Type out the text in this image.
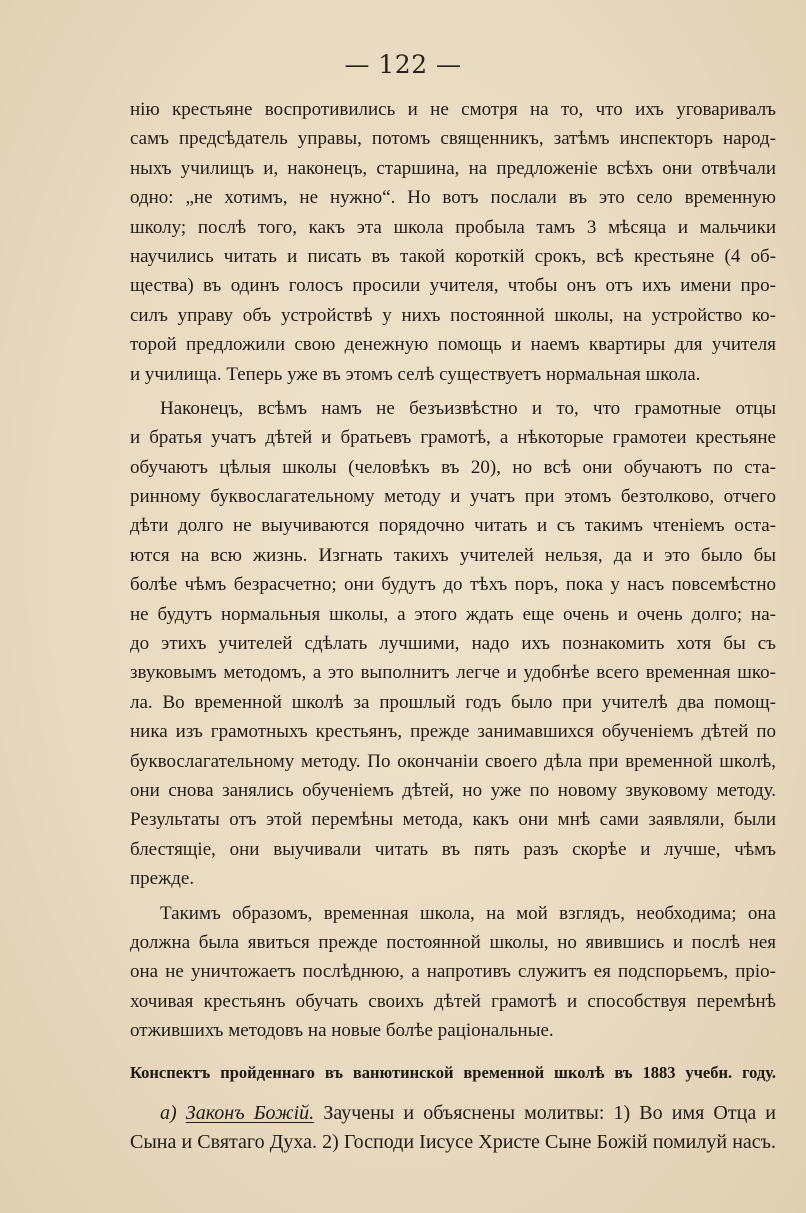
— 122 —
нію крестьяне воспротивились и не смотря на то, что ихъ уговаривалъ
самъ предсѣдатель управы, потомъ священникъ, затѣмъ инспекторъ народ-
ныхъ училищъ и, наконецъ, старшина, на предложеніе всѣхъ они отвѣчали
одно: „не хотимъ, не нужно“. Но вотъ послали въ это село временную
школу; послѣ того, какъ эта школа пробыла тамъ 3 мѣсяца и мальчики
научились читать и писать въ такой короткій срокъ, всѣ крестьяне (4 об-
щества) въ одинъ голосъ просили учителя, чтобы онъ отъ ихъ имени про-
силъ управу объ устройствѣ у нихъ постоянной школы, на устройство ко-
торой предложили свою денежную помощь и наемъ квартиры для учителя
и училища. Теперь уже въ этомъ селѣ существуетъ нормальная школа.
Наконецъ, всѣмъ намъ не безъизвѣстно и то, что грамотные отцы
и братья учатъ дѣтей и братьевъ грамотѣ, а нѣкоторые грамотеи крестьяне
обучаютъ цѣлыя школы (человѣкъ въ 20), но всѣ они обучаютъ по ста-
ринному буквослагательному методу и учатъ при этомъ безтолково, отчего
дѣти долго не выучиваются порядочно читать и съ такимъ чтеніемъ оста-
ются на всю жизнь. Изгнать такихъ учителей нельзя, да и это было бы
болѣе чѣмъ безрасчетно; они будутъ до тѣхъ поръ, пока у насъ повсемѣстно
не будутъ нормальныя школы, а этого ждать еще очень и очень долго; на-
до этихъ учителей сдѣлать лучшими, надо ихъ познакомить хотя бы съ
звуковымъ методомъ, а это выполнитъ легче и удобнѣе всего временная шко-
ла. Во временной школѣ за прошлый годъ было при учителѣ два помощ-
ника изъ грамотныхъ крестьянъ, прежде занимавшихся обученіемъ дѣтей по
буквослагательному методу. По окончаніи своего дѣла при временной школѣ,
они снова занялись обученіемъ дѣтей, но уже по новому звуковому методу.
Результаты отъ этой перемѣны метода, какъ они мнѣ сами заявляли, были
блестящіе, они выучивали читать въ пять разъ скорѣе и лучше, чѣмъ
прежде.
Такимъ образомъ, временная школа, на мой взглядъ, необходима; она
должна была явиться прежде постоянной школы, но явившись и послѣ нея
она не уничтожаетъ послѣднюю, а напротивъ служитъ ея подспорьемъ, пріо-
хочивая крестьянъ обучать своихъ дѣтей грамотѣ и способствуя перемѣнѣ
отжившихъ методовъ на новые болѣе раціональные.
Конспектъ пройденнаго въ ванютинской временной школѣ въ 1883 учебн. году.
а) Законъ Божій. Заучены и объяснены молитвы: 1) Во имя Отца и
Сына и Святаго Духа. 2) Господи Іисусе Христе Сыне Божій помилуй насъ.
